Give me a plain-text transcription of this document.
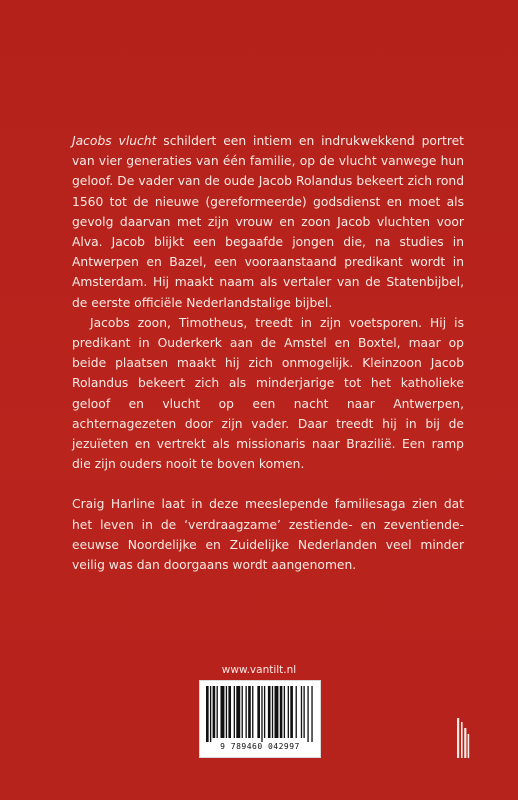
Jacobs vlucht schildert een intiem en indrukwekkend portret van vier generaties van één familie, op de vlucht vanwege hun geloof. De vader van de oude Jacob Rolandus bekeert zich rond 1560 tot de nieuwe (gereformeerde) godsdienst en moet als gevolg daarvan met zijn vrouw en zoon Jacob vluchten voor Alva. Jacob blijkt een begaafde jongen die, na studies in Antwerpen en Bazel, een vooraanstaand predikant wordt in Amsterdam. Hij maakt naam als vertaler van de Statenbijbel, de eerste officiële Nederlandstalige bijbel.

Jacobs zoon, Timotheus, treedt in zijn voetsporen. Hij is predikant in Ouderkerk aan de Amstel en Boxtel, maar op beide plaatsen maakt hij zich onmogelijk. Kleinzoon Jacob Rolandus bekeert zich als minderjarige tot het katholieke geloof en vlucht op een nacht naar Antwerpen, achternagezeten door zijn vader. Daar treedt hij in bij de jezuïeten en vertrekt als missionaris naar Brazilië. Een ramp die zijn ouders nooit te boven komen.

Craig Harline laat in deze meeslepende familiesaga zien dat het leven in de ‘verdraagzame’ zestiende- en zeventiende-eeuwse Noordelijke en Zuidelijke Nederlanden veel minder veilig was dan doorgaans wordt aangenomen.

www.vantilt.nl
9 789460 042997
